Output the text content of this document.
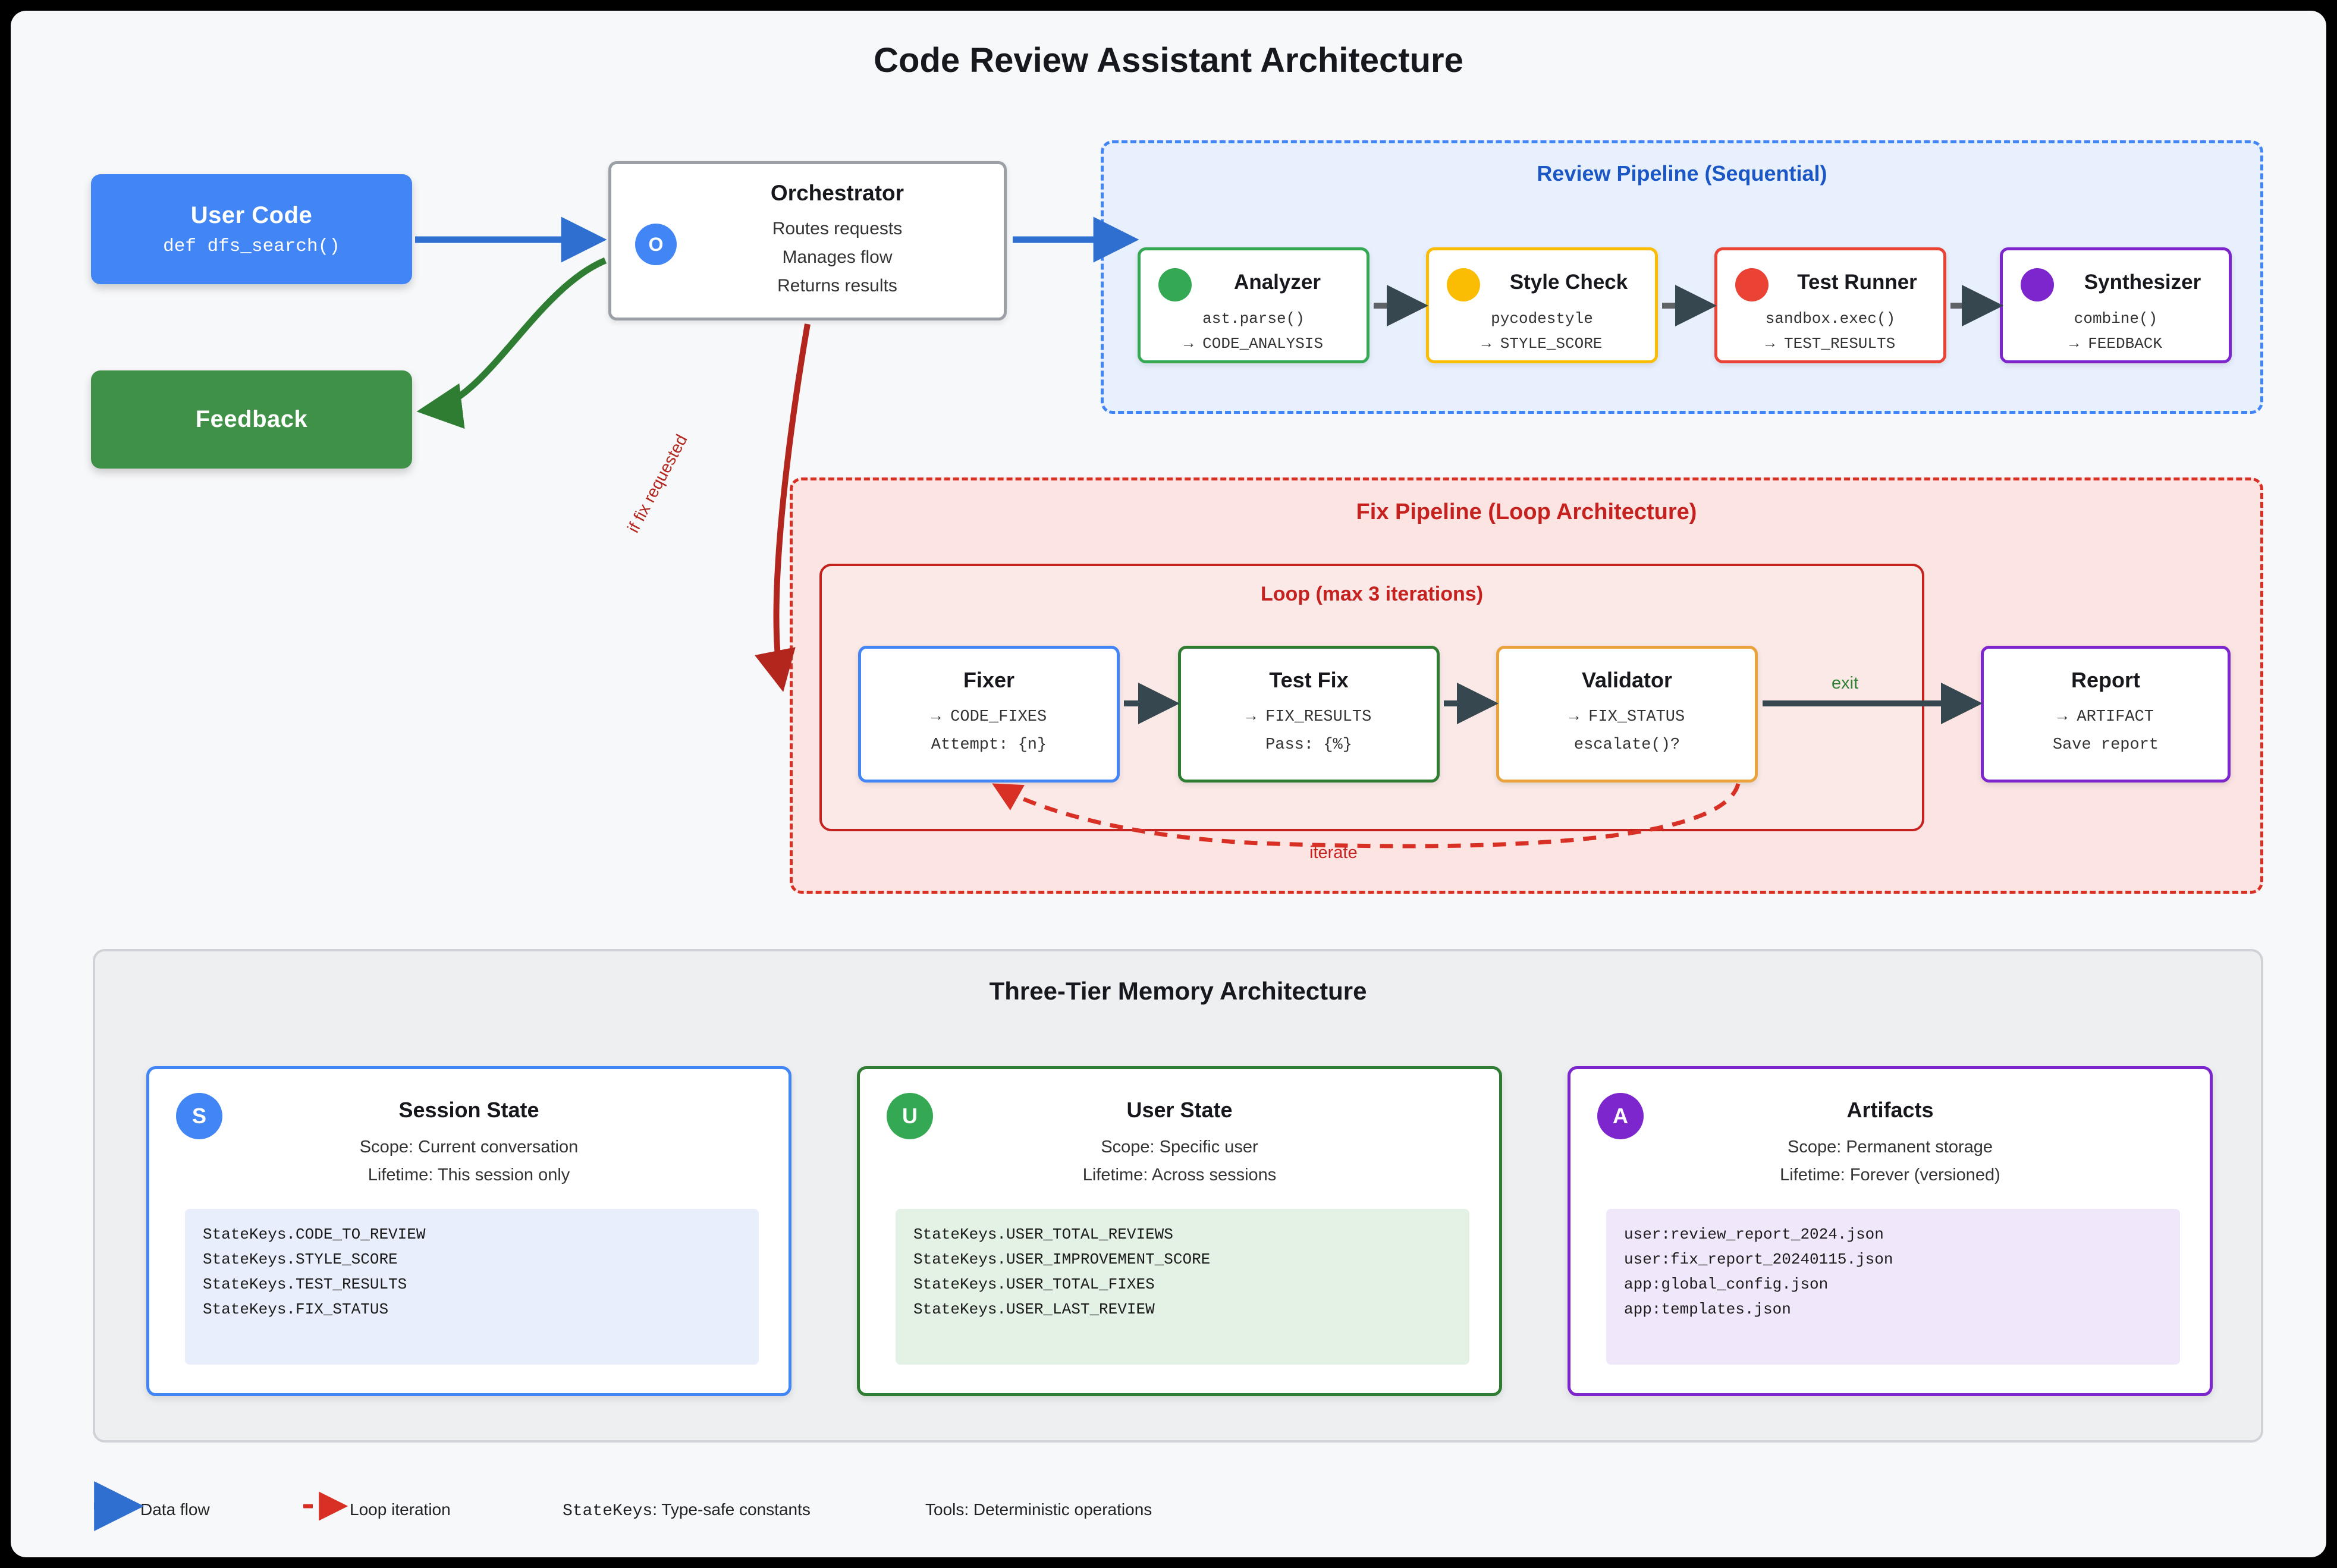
Code Review Assistant Architecture
User Code
def dfs_search()
Feedback
O
Orchestrator
Routes requests
Manages flow
Returns results
Review Pipeline (Sequential)
Analyzer
ast.parse()
→ CODE_ANALYSIS
Style Check
pycodestyle
→ STYLE_SCORE
Test Runner
sandbox.exec()
→ TEST_RESULTS
Synthesizer
combine()
→ FEEDBACK
Fix Pipeline (Loop Architecture)
Loop (max 3 iterations)
Fixer
→ CODE_FIXES
Attempt: {n}
Test Fix
→ FIX_RESULTS
Pass: {%}
Validator
→ FIX_STATUS
escalate()?
Report
→ ARTIFACT
Save report
Three-Tier Memory Architecture
S	Session State
Scope: Current conversation
Lifetime: This session only
StateKeys.CODE_TO_REVIEW
StateKeys.STYLE_SCORE
StateKeys.TEST_RESULTS
StateKeys.FIX_STATUS
U	User State
Scope: Specific user
Lifetime: Across sessions
StateKeys.USER_TOTAL_REVIEWS
StateKeys.USER_IMPROVEMENT_SCORE
StateKeys.USER_TOTAL_FIXES
StateKeys.USER_LAST_REVIEW
A	Artifacts
Scope: Permanent storage
Lifetime: Forever (versioned)
user:review_report_2024.json
user:fix_report_20240115.json
app:global_config.json
app:templates.json
Data flow	Loop iteration	StateKeys: Type-safe constants	Tools: Deterministic operations
if fix requested
exit
iterate
